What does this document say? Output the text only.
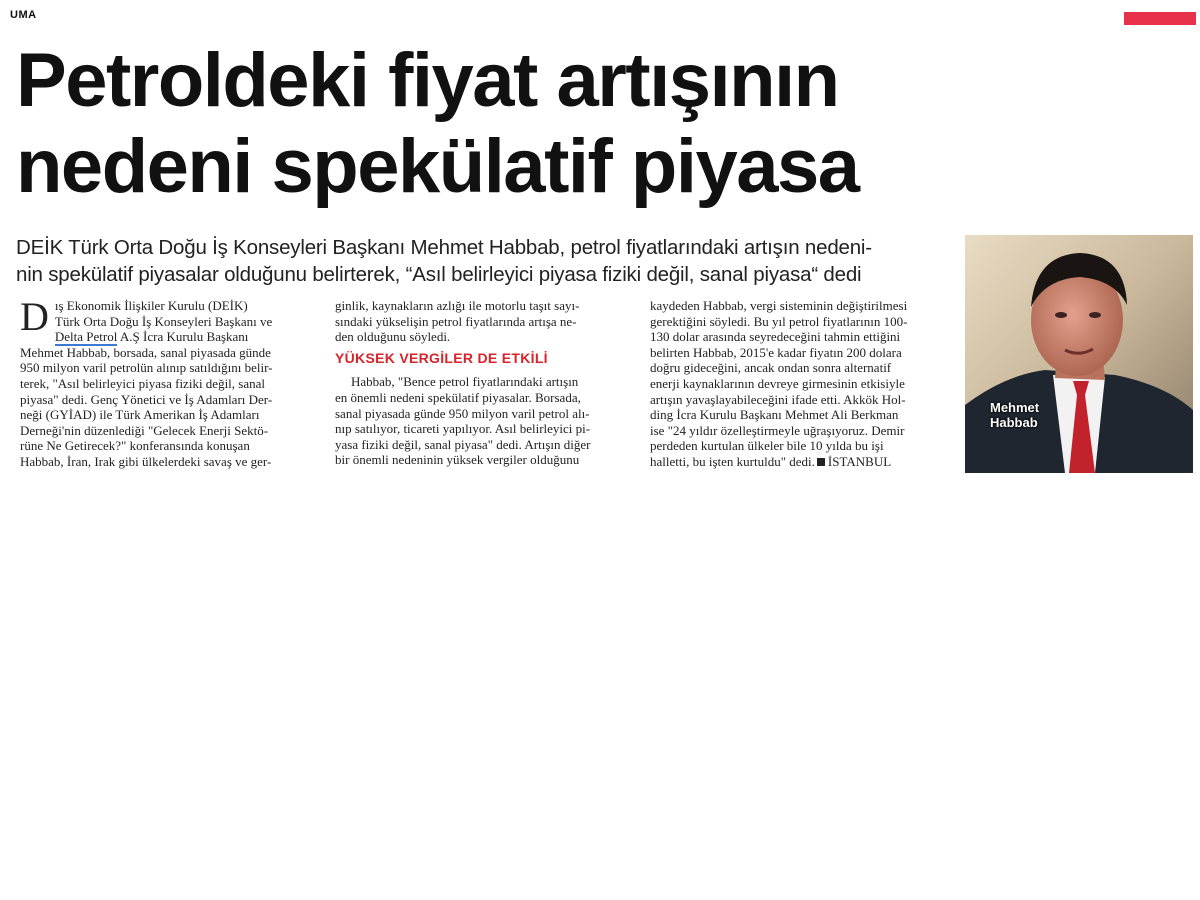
UMA
Petroldeki fiyat artışının
nedeni spekülatif piyasa
DEİK Türk Orta Doğu İş Konseyleri Başkanı Mehmet Habbab, petrol fiyatlarındaki artışın nedeni-
nin spekülatif piyasalar olduğunu belirterek, “Asıl belirleyici piyasa fiziki değil, sanal piyasa“ dedi
D ış Ekonomik İlişkiler Kurulu (DEİK)
Türk Orta Doğu İş Konseyleri Başkanı ve
Delta Petrol A.Ş İcra Kurulu Başkanı
Mehmet Habbab, borsada, sanal piyasada günde
950 milyon varil petrolün alınıp satıldığını belir-
terek, "Asıl belirleyici piyasa fiziki değil, sanal
piyasa" dedi. Genç Yönetici ve İş Adamları Der-
neği (GYİAD) ile Türk Amerikan İş Adamları
Derneği'nin düzenlediği "Gelecek Enerji Sektö-
rüne Ne Getirecek?" konferansında konuşan
Habbab, İran, Irak gibi ülkelerdeki savaş ve ger-
ginlik, kaynakların azlığı ile motorlu taşıt sayı-
sındaki yükselişin petrol fiyatlarında artışa ne-
den olduğunu söyledi.
YÜKSEK VERGİLER DE ETKİLİ
Habbab, "Bence petrol fiyatlarındaki artışın
en önemli nedeni spekülatif piyasalar. Borsada,
sanal piyasada günde 950 milyon varil petrol alı-
nıp satılıyor, ticareti yapılıyor. Asıl belirleyici pi-
yasa fiziki değil, sanal piyasa" dedi. Artışın diğer
bir önemli nedeninin yüksek vergiler olduğunu
kaydeden Habbab, vergi sisteminin değiştirilmesi
gerektiğini söyledi. Bu yıl petrol fiyatlarının 100-
130 dolar arasında seyredeceğini tahmin ettiğini
belirten Habbab, 2015'e kadar fiyatın 200 dolara
doğru gideceğini, ancak ondan sonra alternatif
enerji kaynaklarının devreye girmesinin etkisiyle
artışın yavaşlayabileceğini ifade etti. Akkök Hol-
ding İcra Kurulu Başkanı Mehmet Ali Berkman
ise "24 yıldır özelleştirmeyle uğraşıyoruz. Demir
perdeden kurtulan ülkeler bile 10 yılda bu işi
halletti, bu işten kurtuldu" dedi. İSTANBUL
Mehmet
Habbab
